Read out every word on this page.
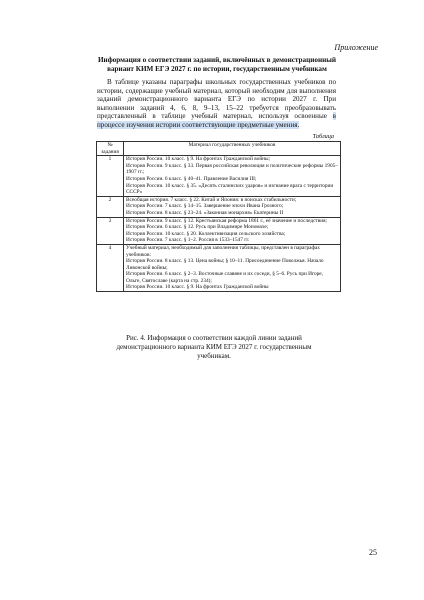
Приложение
Информация о соответствии заданий, включённых в демонстрационный
вариант КИМ ЕГЭ 2027 г. по истории, государственным учебникам

В таблице указаны параграфы школьных государственных учебников по истории, содержащие учебный материал, который необходим для выполнения заданий демонстрационного варианта ЕГЭ по истории 2027 г. При выполнении заданий 4, 6, 8, 9–13, 15–22 требуется преобразовывать представленный в таблице учебный материал, используя освоенные в процессе изучения истории соответствующие предметные умения.

Таблица
№ задания	Материал государственных учебников
1	История России. 10 класс. § 9. На фронтах Гражданской войны;
История России. 9 класс. § 33. Первая российская революция и политические реформы 1905–1907 гг.;
История России. 6 класс. § 40–41. Правление Василия III;
История России. 10 класс. § 35. «Десять сталинских ударов» и изгнание врага с территории СССР»

2	Всеобщая история. 7 класс. § 22. Китай и Япония: в поисках стабильности;
История России. 7 класс. § 14–15. Завершение эпохи Ивана Грозного;
История России. 8 класс. § 23–24. «Законная монархия» Екатерины II

3	История России. 9 класс. § 12. Крестьянская реформа 1861 г., её значение и последствия;
История России. 6 класс. § 12. Русь при Владимире Мономахе;
История России. 10 класс. § 20. Коллективизация сельского хозяйства;
История России. 7 класс. § 1–2. Россия в 1533–1547 гг.

4	Учебный материал, необходимый для заполнения таблицы, представлен в параграфах учебников:
История России. 8 класс. § 13. Цена войны; § 10–11. Присоединение Поволжья. Начало Ливонской войны;
История России. 6 класс. § 2–3. Восточные славяне и их соседи, § 5–6. Русь при Игоре, Ольге, Святославе (карта на стр. 234);
История России. 10 класс. § 9. На фронтах Гражданской войны
Рис. 4. Информация о соответствии каждой линии заданий демонстрационного варианта КИМ ЕГЭ 2027 г. государственным учебникам.
25
